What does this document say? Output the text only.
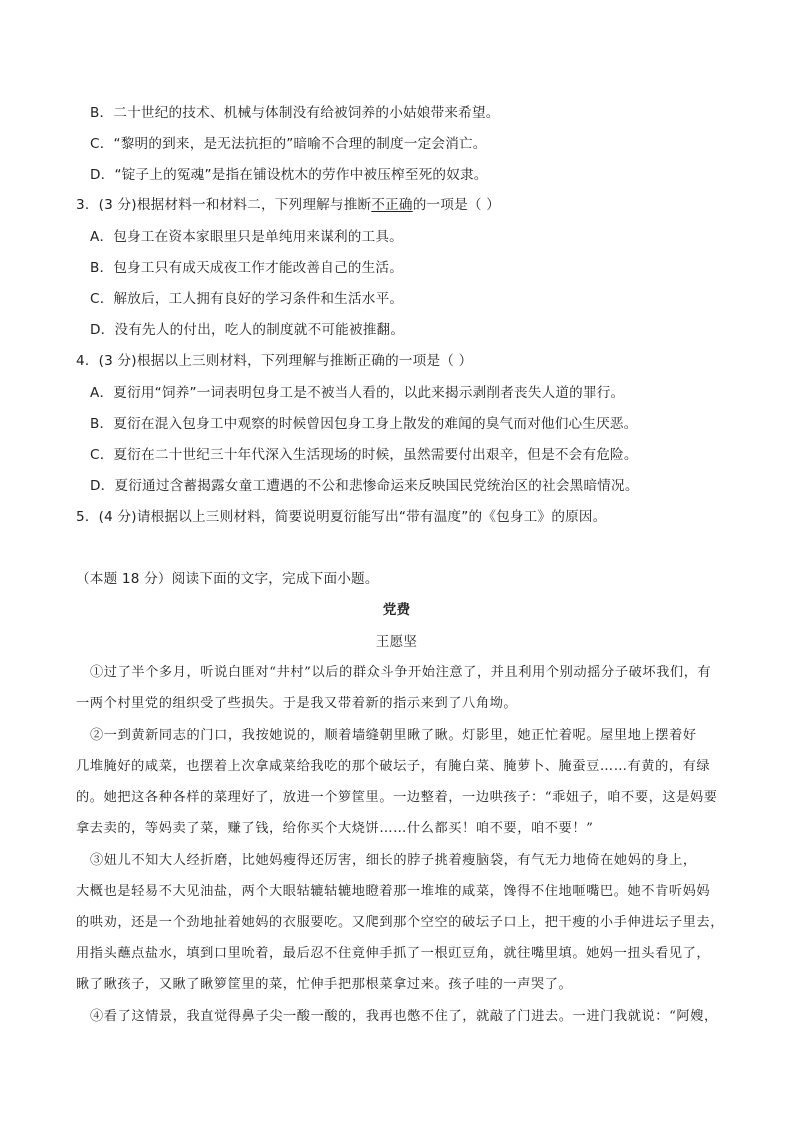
B．二十世纪的技术、机械与体制没有给被饲养的小姑娘带来希望。
C．“黎明的到来，是无法抗拒的”暗喻不合理的制度一定会消亡。
D．“锭子上的冤魂”是指在铺设枕木的劳作中被压榨至死的奴隶。
3．(3 分)根据材料一和材料二，下列理解与推断不正确的一项是（ ）
A．包身工在资本家眼里只是单纯用来谋利的工具。
B．包身工只有成天成夜工作才能改善自己的生活。
C．解放后，工人拥有良好的学习条件和生活水平。
D．没有先人的付出，吃人的制度就不可能被推翻。
4．(3 分)根据以上三则材料，下列理解与推断正确的一项是（ ）
A．夏衍用“饲养”一词表明包身工是不被当人看的，以此来揭示剥削者丧失人道的罪行。
B．夏衍在混入包身工中观察的时候曾因包身工身上散发的难闻的臭气而对他们心生厌恶。
C．夏衍在二十世纪三十年代深入生活现场的时候，虽然需要付出艰辛，但是不会有危险。
D．夏衍通过含蓄揭露女童工遭遇的不公和悲惨命运来反映国民党统治区的社会黑暗情况。
5．(4 分)请根据以上三则材料，简要说明夏衍能写出“带有温度”的《包身工》的原因。
（本题 18 分）阅读下面的文字，完成下面小题。
党费
王愿坚
①过了半个多月，听说白匪对“井村”以后的群众斗争开始注意了，并且利用个别动摇分子破坏我们，有
一两个村里党的组织受了些损失。于是我又带着新的指示来到了八角坳。
②一到黄新同志的门口，我按她说的，顺着墙缝朝里瞅了瞅。灯影里，她正忙着呢。屋里地上摆着好
几堆腌好的咸菜，也摆着上次拿咸菜给我吃的那个破坛子，有腌白菜、腌萝卜、腌蚕豆……有黄的，有绿
的。她把这各种各样的菜理好了，放进一个箩筐里。一边整着，一边哄孩子：“乖妞子，咱不要，这是妈要
拿去卖的，等妈卖了菜，赚了钱，给你买个大烧饼……什么都买！咱不要，咱不要！”
③妞儿不知大人经折磨，比她妈瘦得还厉害，细长的脖子挑着瘦脑袋，有气无力地倚在她妈的身上，
大概也是轻易不大见油盐，两个大眼轱辘轱辘地瞪着那一堆堆的咸菜，馋得不住地咂嘴巴。她不肯听妈妈
的哄劝，还是一个劲地扯着她妈的衣服要吃。又爬到那个空空的破坛子口上，把干瘦的小手伸进坛子里去，
用指头蘸点盐水，填到口里吮着，最后忍不住竟伸手抓了一根豇豆角，就往嘴里填。她妈一扭头看见了，
瞅了瞅孩子，又瞅了瞅箩筐里的菜，忙伸手把那根菜拿过来。孩子哇的一声哭了。
④看了这情景，我直觉得鼻子尖一酸一酸的，我再也憋不住了，就敲了门进去。一进门我就说：“阿嫂，
